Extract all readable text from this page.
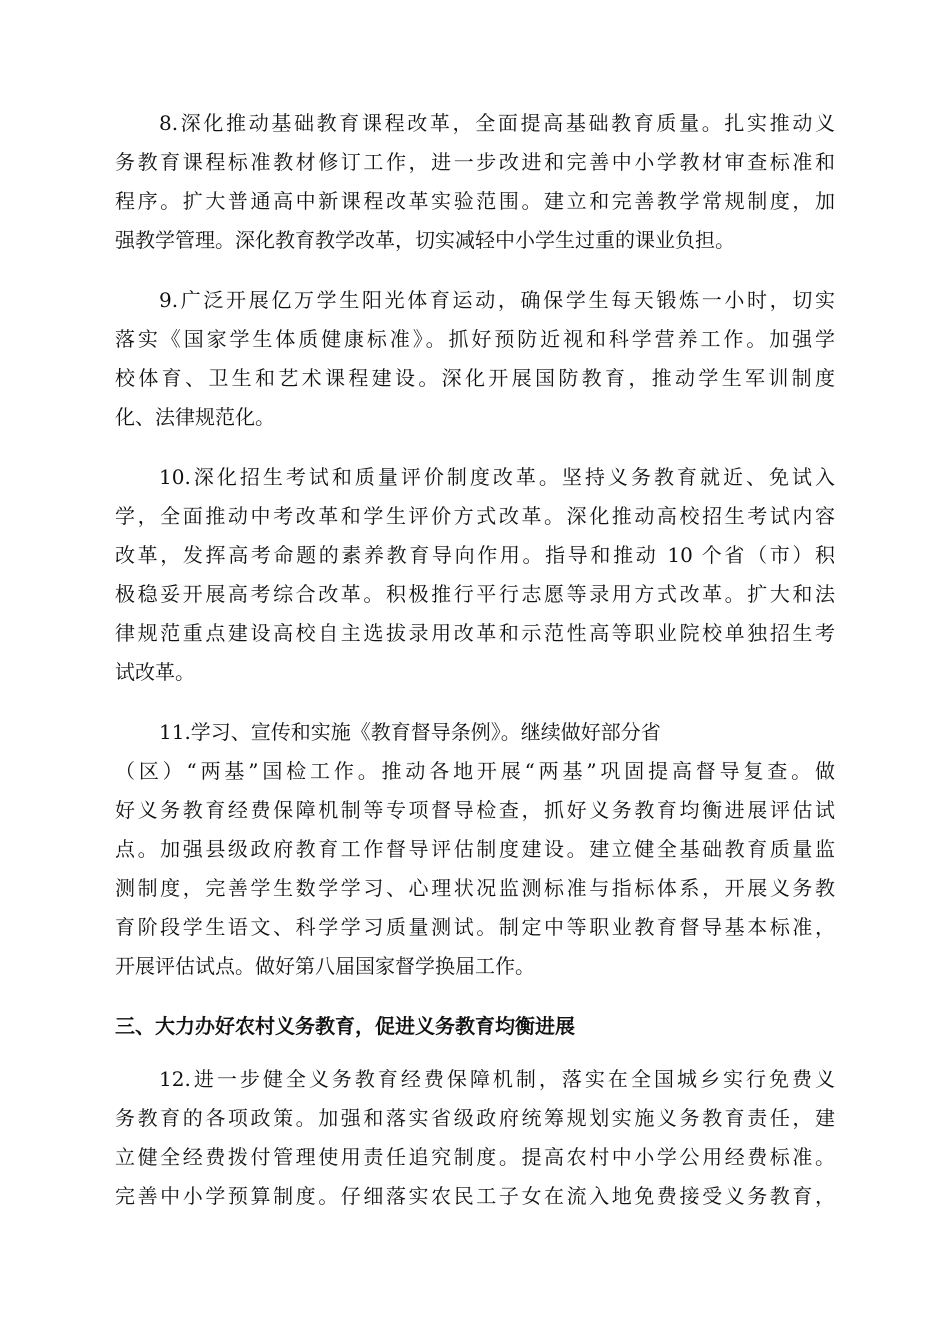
8.深化推动基础教育课程改革，全面提高基础教育质量。扎实推动义
务教育课程标准教材修订工作，进一步改进和完善中小学教材审查标准和
程序。扩大普通高中新课程改革实验范围。建立和完善教学常规制度，加
强教学管理。深化教育教学改革，切实减轻中小学生过重的课业负担。

9.广泛开展亿万学生阳光体育运动，确保学生每天锻炼一小时，切实
落实《国家学生体质健康标准》。抓好预防近视和科学营养工作。加强学
校体育、卫生和艺术课程建设。深化开展国防教育，推动学生军训制度
化、法律规范化。

10.深化招生考试和质量评价制度改革。坚持义务教育就近、免试入
学，全面推动中考改革和学生评价方式改革。深化推动高校招生考试内容
改革，发挥高考命题的素养教育导向作用。指导和推动 10 个省（市）积
极稳妥开展高考综合改革。积极推行平行志愿等录用方式改革。扩大和法
律规范重点建设高校自主选拔录用改革和示范性高等职业院校单独招生考
试改革。

11.学习、宣传和实施《教育督导条例》。继续做好部分省
（区）“两基”国检工作。推动各地开展“两基”巩固提高督导复查。做
好义务教育经费保障机制等专项督导检查，抓好义务教育均衡进展评估试
点。加强县级政府教育工作督导评估制度建设。建立健全基础教育质量监
测制度，完善学生数学学习、心理状况监测标准与指标体系，开展义务教
育阶段学生语文、科学学习质量测试。制定中等职业教育督导基本标准，
开展评估试点。做好第八届国家督学换届工作。

三、大力办好农村义务教育，促进义务教育均衡进展

12.进一步健全义务教育经费保障机制，落实在全国城乡实行免费义
务教育的各项政策。加强和落实省级政府统筹规划实施义务教育责任，建
立健全经费拨付管理使用责任追究制度。提高农村中小学公用经费标准。
完善中小学预算制度。仔细落实农民工子女在流入地免费接受义务教育，
